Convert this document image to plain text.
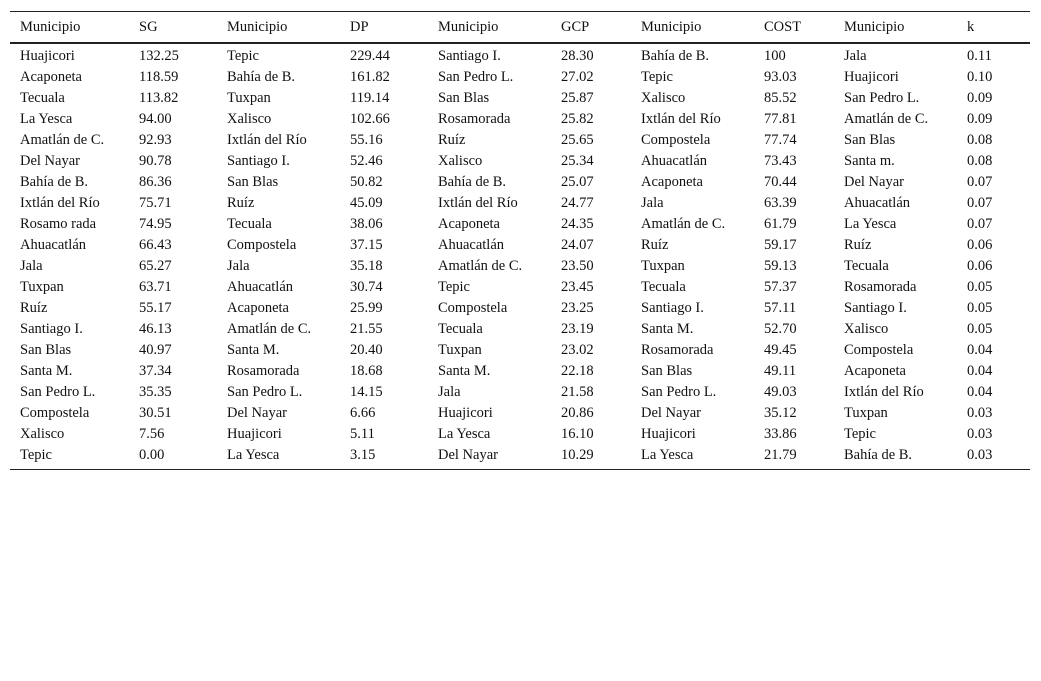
Municipio	SG	Municipio	DP	Municipio	GCP	Municipio	COST	Municipio	k
Huajicori	132.25	Tepic	229.44	Santiago I.	28.30	Bahía de B.	100	Jala	0.11
Acaponeta	118.59	Bahía de B.	161.82	San Pedro L.	27.02	Tepic	93.03	Huajicori	0.10
Tecuala	113.82	Tuxpan	119.14	San Blas	25.87	Xalisco	85.52	San Pedro L.	0.09
La Yesca	94.00	Xalisco	102.66	Rosamorada	25.82	Ixtlán del Río	77.81	Amatlán de C.	0.09
Amatlán de C.	92.93	Ixtlán del Río	55.16	Ruíz	25.65	Compostela	77.74	San Blas	0.08
Del Nayar	90.78	Santiago I.	52.46	Xalisco	25.34	Ahuacatlán	73.43	Santa m.	0.08
Bahía de B.	86.36	San Blas	50.82	Bahía de B.	25.07	Acaponeta	70.44	Del Nayar	0.07
Ixtlán del Río	75.71	Ruíz	45.09	Ixtlán del Río	24.77	Jala	63.39	Ahuacatlán	0.07
Rosamo rada	74.95	Tecuala	38.06	Acaponeta	24.35	Amatlán de C.	61.79	La Yesca	0.07
Ahuacatlán	66.43	Compostela	37.15	Ahuacatlán	24.07	Ruíz	59.17	Ruíz	0.06
Jala	65.27	Jala	35.18	Amatlán de C.	23.50	Tuxpan	59.13	Tecuala	0.06
Tuxpan	63.71	Ahuacatlán	30.74	Tepic	23.45	Tecuala	57.37	Rosamorada	0.05
Ruíz	55.17	Acaponeta	25.99	Compostela	23.25	Santiago I.	57.11	Santiago I.	0.05
Santiago I.	46.13	Amatlán de C.	21.55	Tecuala	23.19	Santa M.	52.70	Xalisco	0.05
San Blas	40.97	Santa M.	20.40	Tuxpan	23.02	Rosamorada	49.45	Compostela	0.04
Santa M.	37.34	Rosamorada	18.68	Santa M.	22.18	San Blas	49.11	Acaponeta	0.04
San Pedro L.	35.35	San Pedro L.	14.15	Jala	21.58	San Pedro L.	49.03	Ixtlán del Río	0.04
Compostela	30.51	Del Nayar	6.66	Huajicori	20.86	Del Nayar	35.12	Tuxpan	0.03
Xalisco	7.56	Huajicori	5.11	La Yesca	16.10	Huajicori	33.86	Tepic	0.03
Tepic	0.00	La Yesca	3.15	Del Nayar	10.29	La Yesca	21.79	Bahía de B.	0.03
